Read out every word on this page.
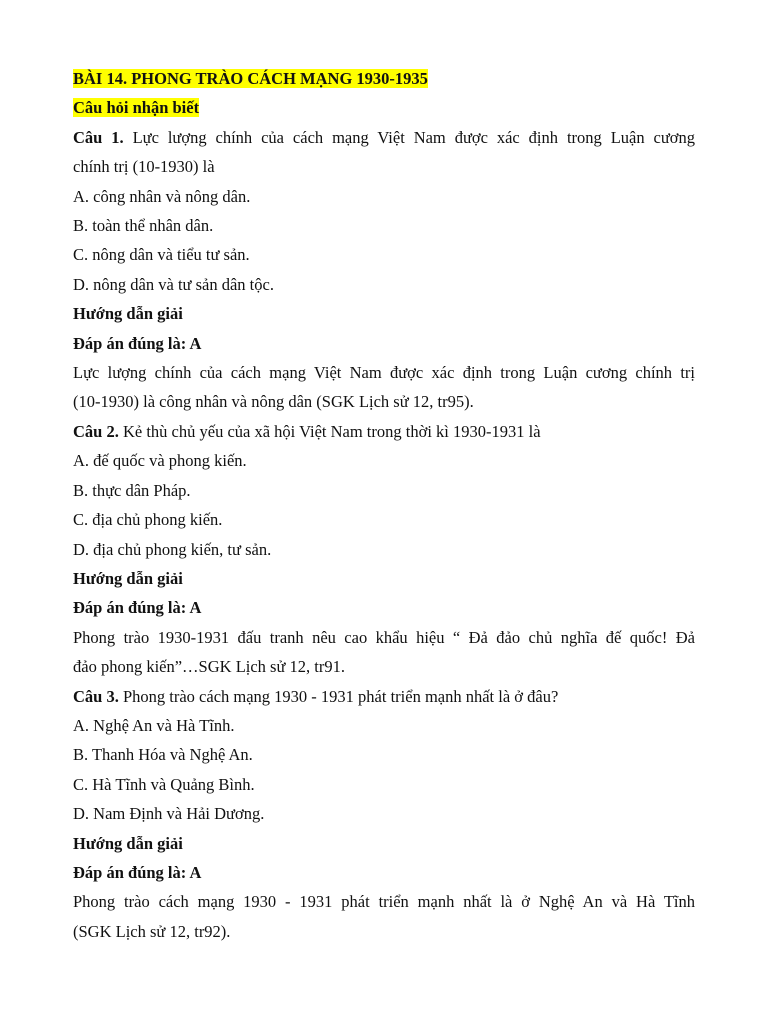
BÀI 14. PHONG TRÀO CÁCH MẠNG 1930-1935
Câu hỏi nhận biết
Câu 1. Lực lượng chính của cách mạng Việt Nam được xác định trong Luận cương
chính trị (10-1930) là
A. công nhân và nông dân.
B. toàn thể nhân dân.
C. nông dân và tiểu tư sản.
D. nông dân và tư sản dân tộc.
Hướng dẫn giải
Đáp án đúng là: A
Lực lượng chính của cách mạng Việt Nam được xác định trong Luận cương chính trị
(10-1930) là công nhân và nông dân (SGK Lịch sử 12, tr95).
Câu 2. Kẻ thù chủ yếu của xã hội Việt Nam trong thời kì 1930-1931 là
A. đế quốc và phong kiến.
B. thực dân Pháp.
C. địa chủ phong kiến.
D. địa chủ phong kiến, tư sản.
Hướng dẫn giải
Đáp án đúng là: A
Phong trào 1930-1931 đấu tranh nêu cao khẩu hiệu “ Đả đảo chủ nghĩa đế quốc! Đả
đảo phong kiến”…SGK Lịch sử 12, tr91.
Câu 3. Phong trào cách mạng 1930 - 1931 phát triển mạnh nhất là ở đâu?
A. Nghệ An và Hà Tĩnh.
B. Thanh Hóa và Nghệ An.
C. Hà Tĩnh và Quảng Bình.
D. Nam Định và Hải Dương.
Hướng dẫn giải
Đáp án đúng là: A
Phong trào cách mạng 1930 - 1931 phát triển mạnh nhất là ở Nghệ An và Hà Tĩnh
(SGK Lịch sử 12, tr92).
